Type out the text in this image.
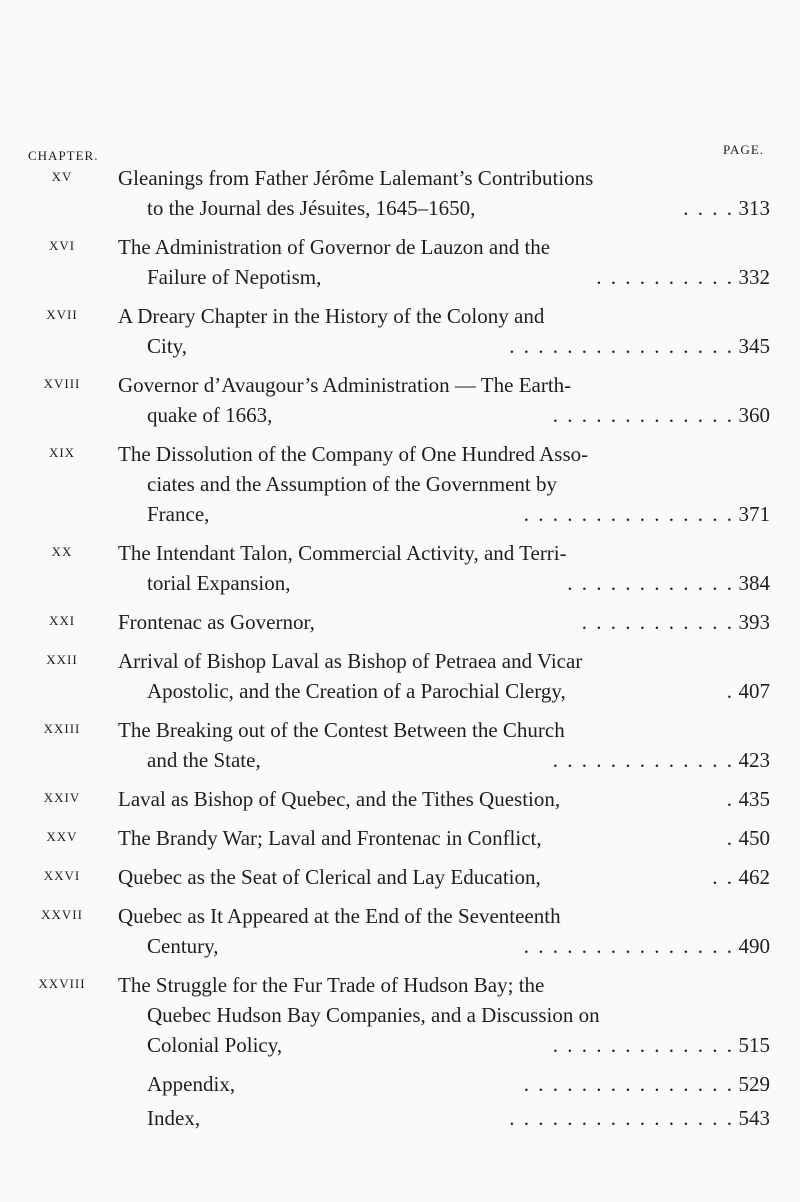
CHAPTER.	PAGE.
XV	Gleanings from Father Jérôme Lalemant’s Contributions
to the Journal des Jésuites, 1645–1650,	. . . . 313
XVI	The Administration of Governor de Lauzon and the
Failure of Nepotism,	. . . . . . . . . . 332
XVII	A Dreary Chapter in the History of the Colony and
City,	. . . . . . . . . . . . . . . . 345
XVIII	Governor d’Avaugour’s Administration — The Earth-
quake of 1663,	. . . . . . . . . . . . . 360
XIX	The Dissolution of the Company of One Hundred Asso-
ciates and the Assumption of the Government by
France,	. . . . . . . . . . . . . . . 371
XX	The Intendant Talon, Commercial Activity, and Terri-
torial Expansion,	. . . . . . . . . . . . 384
XXI	Frontenac as Governor,	. . . . . . . . . . . 393
XXII	Arrival of Bishop Laval as Bishop of Petraea and Vicar
Apostolic, and the Creation of a Parochial Clergy,	. 407
XXIII	The Breaking out of the Contest Between the Church
and the State,	. . . . . . . . . . . . . 423
XXIV	Laval as Bishop of Quebec, and the Tithes Question,	. 435
XXV	The Brandy War; Laval and Frontenac in Conflict,	. 450
XXVI	Quebec as the Seat of Clerical and Lay Education,	. . 462
XXVII	Quebec as It Appeared at the End of the Seventeenth
Century,	. . . . . . . . . . . . . . . 490
XXVIII	The Struggle for the Fur Trade of Hudson Bay; the
Quebec Hudson Bay Companies, and a Discussion on
Colonial Policy,	. . . . . . . . . . . . . 515
Appendix,	. . . . . . . . . . . . . . . 529
Index,	. . . . . . . . . . . . . . . . 543
